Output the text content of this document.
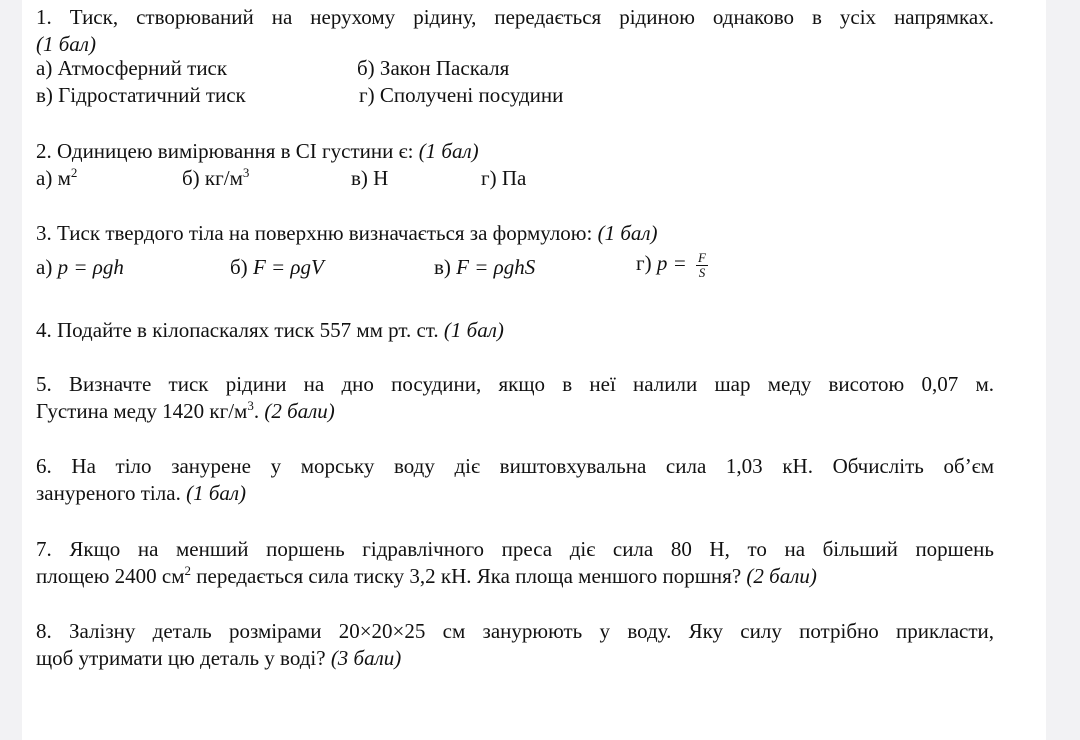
1. Тиск, створюваний на нерухому рідину, передається рідиною однаково в усіх напрямках.
(1 бал)
а) Атмосферний тиск	б) Закон Паскаля
в) Гідростатичний тиск	г) Сполучені посудини
2. Одиницею вимірювання в СІ густини є: (1 бал)
а) $м^2$	б) $кг/м^3$	в) Н	г) Па
3. Тиск твердого тіла на поверхню визначається за формулою: (1 бал)
а) p = ρgh	б) F = ρgV	в) F = ρghS	г) $p = \frac{F}{S}$
4. Подайте в кілопаскалях тиск 557 мм рт. ст. (1 бал)
5. Визначте тиск рідини на дно посудини, якщо в неї налили шар меду висотою 0,07 м.
Густина меду 1420 $кг/м^3$. (2 бали)
6. На тіло занурене у морську воду діє виштовхувальна сила 1,03 кН. Обчисліть об’єм
зануреного тіла. (1 бал)
7. Якщо на менший поршень гідравлічного преса діє сила 80 Н, то на більший поршень
площею 2400 $см^2$ передається сила тиску 3,2 кН. Яка площа меншого поршня? (2 бали)
8. Залізну деталь розмірами 20×20×25 см занурюють у воду. Яку силу потрібно прикласти,
щоб утримати цю деталь у воді? (3 бали)
